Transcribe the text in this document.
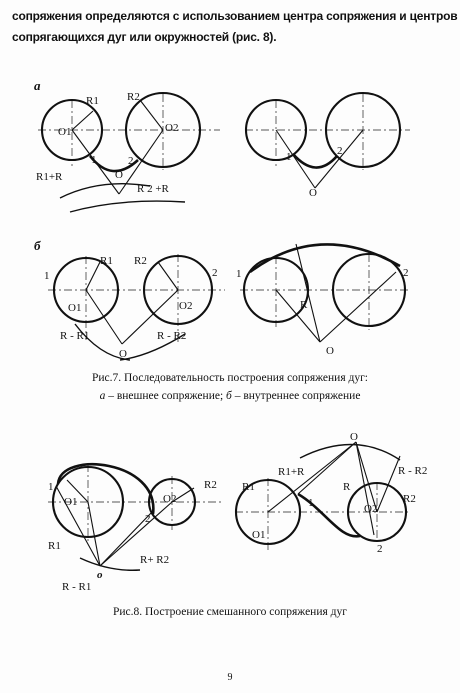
сопряжения определяются с использованием центра сопряжения и центров

сопрягающихся дуг или окружностей (рис. 8).

а
O1	O2
R1	R2
R1+R
R 2 +R
O
1	2	1	2
O
б
1	2
O1	O2
R1 R2
R - R1	R - R2
O
1	2
R
O

Рис.7. Последовательность построения сопряжения дуг:

а – внешнее сопряжение; б – внутреннее сопряжение

1
2
O1	O2
R1
R2
R+ R2
R - R1
o
O
R1+R	R - R2
R1	R
R2
O1
O2
1
2

Рис.8. Построение смешанного сопряжения дуг

9
